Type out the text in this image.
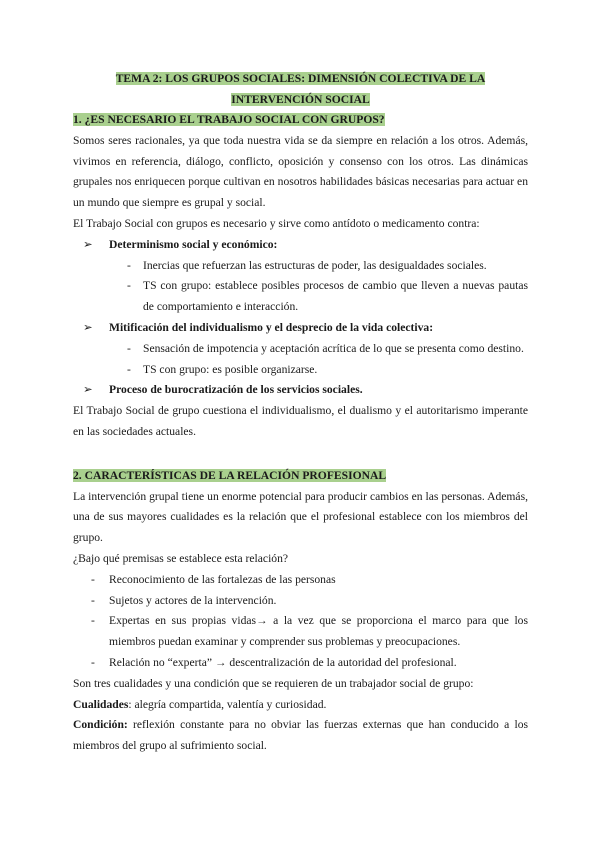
TEMA 2: LOS GRUPOS SOCIALES: DIMENSIÓN COLECTIVA DE LA
INTERVENCIÓN SOCIAL

1. ¿ES NECESARIO EL TRABAJO SOCIAL CON GRUPOS?

Somos seres racionales, ya que toda nuestra vida se da siempre en relación a los otros. Además, vivimos en referencia, diálogo, conflicto, oposición y consenso con los otros. Las dinámicas grupales nos enriquecen porque cultivan en nosotros habilidades básicas necesarias para actuar en un mundo que siempre es grupal y social.

El Trabajo Social con grupos es necesario y sirve como antídoto o medicamento contra:

➢ Determinismo social y económico:

- Inercias que refuerzan las estructuras de poder, las desigualdades sociales.

- TS con grupo: establece posibles procesos de cambio que lleven a nuevas pautas de comportamiento e interacción.

➢ Mitificación del individualismo y el desprecio de la vida colectiva:

- Sensación de impotencia y aceptación acrítica de lo que se presenta como destino.

- TS con grupo: es posible organizarse.

➢ Proceso de burocratización de los servicios sociales.

El Trabajo Social de grupo cuestiona el individualismo, el dualismo y el autoritarismo imperante en las sociedades actuales.

2. CARACTERÍSTICAS DE LA RELACIÓN PROFESIONAL

La intervención grupal tiene un enorme potencial para producir cambios en las personas. Además, una de sus mayores cualidades es la relación que el profesional establece con los miembros del grupo.

¿Bajo qué premisas se establece esta relación?

- Reconocimiento de las fortalezas de las personas

- Sujetos y actores de la intervención.

- Expertas en sus propias vidas→ a la vez que se proporciona el marco para que los miembros puedan examinar y comprender sus problemas y preocupaciones.

- Relación no “experta” → descentralización de la autoridad del profesional.

Son tres cualidades y una condición que se requieren de un trabajador social de grupo:

Cualidades: alegría compartida, valentía y curiosidad.

Condición: reflexión constante para no obviar las fuerzas externas que han conducido a los miembros del grupo al sufrimiento social.
